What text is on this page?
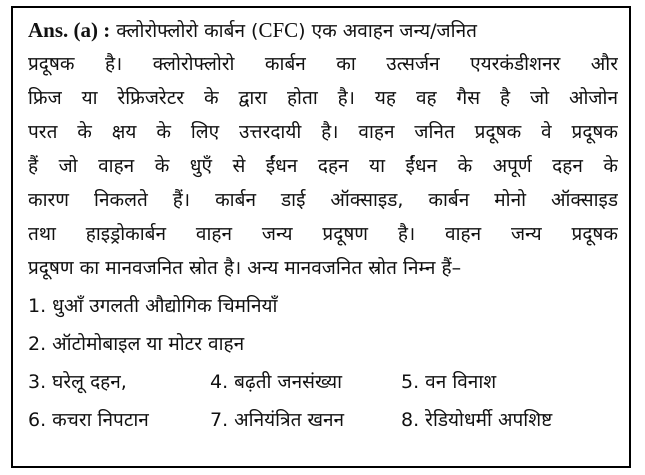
Ans. (a) : क्लोरोफ्लोरो कार्बन (CFC) एक अवाहन जन्य/जनित
प्रदूषक है। क्लोरोफ्लोरो कार्बन का उत्सर्जन एयरकंडीशनर और
फ्रिज या रेफ्रिजरेटर के द्वारा होता है। यह वह गैस है जो ओजोन
परत के क्षय के लिए उत्तरदायी है। वाहन जनित प्रदूषक वे प्रदूषक
हैं जो वाहन के धुएँ से ईंधन दहन या ईंधन के अपूर्ण दहन के
कारण निकलते हैं। कार्बन डाई ऑक्साइड, कार्बन मोनो ऑक्साइड
तथा हाइड्रोकार्बन वाहन जन्य प्रदूषण है। वाहन जन्य प्रदूषक
प्रदूषण का मानवजनित स्रोत है। अन्य मानवजनित स्रोत निम्न हैं–
1. धुआँ उगलती औद्योगिक चिमनियाँ
2. ऑटोमोबाइल या मोटर वाहन
3. घरेलू दहन,	4. बढ़ती जनसंख्या	5. वन विनाश
6. कचरा निपटान	7. अनियंत्रित खनन	8. रेडियोधर्मी अपशिष्ट
